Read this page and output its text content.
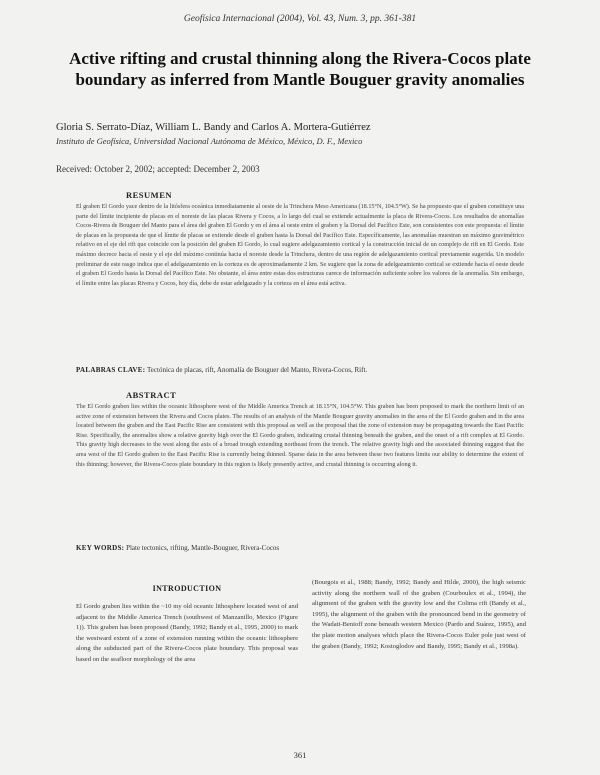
Geofísica Internacional (2004), Vol. 43, Num. 3, pp. 361-381
Active rifting and crustal thinning along the Rivera-Cocos plate
boundary as inferred from Mantle Bouguer gravity anomalies
Gloria S. Serrato-Díaz, William L. Bandy and Carlos A. Mortera-Gutiérrez
Instituto de Geofísica, Universidad Nacional Autónoma de México, México, D. F., Mexico
Received: October 2, 2002; accepted: December 2, 2003
RESUMEN
El graben El Gordo yace dentro de la litósfera oceánica inmediatamente al oeste de la Trinchera Meso Americana (18.15°N, 104.5°W). Se ha propuesto que el graben constituye una parte del límite incipiente de placas en el noreste de las placas Rivera y Cocos, a lo largo del cual se extiende actualmente la placa de Rivera-Cocos. Los resultados de anomalías Cocos-Rivera de Bouguer del Manto para el área del graben El Gordo y en el área al oeste entre el graben y la Dorsal del Pacífico Este, son consistentes con este propuesta: el límite de placas en la propuesta de que el límite de placas se extiende desde el graben hasta la Dorsal del Pacífico Este. Específicamente, las anomalías muestran un máximo gravimétrico relativo en el eje del rift que coincide con la posición del graben El Gordo, lo cual sugiere adelgazamiento cortical y la construcción inicial de un complejo de rift en El Gordo. Este máximo decrece hacia el oeste y el eje del máximo continúa hacia el noreste desde la Trinchera, dentro de una región de adelgazamiento cortical previamente sugerida. Un modelo preliminar de este rasgo indica que el adelgazamiento en la corteza es de aproximadamente 2 km. Se sugiere que la zona de adelgazamiento cortical se extiende hacia el oeste desde el graben El Gordo hasta la Dorsal del Pacífico Este. No obstante, el área entre estas dos estructuras carece de información suficiente sobre los valores de la anomalía. Sin embargo, el límite entre las placas Rivera y Cocos, hoy día, debe de estar adelgazado y la corteza en el área está activa.
PALABRAS CLAVE: Tectónica de placas, rift, Anomalía de Bouguer del Manto, Rivera-Cocos, Rift.
ABSTRACT
The El Gordo graben lies within the oceanic lithosphere west of the Middle America Trench at 18.15°N, 104.5°W. This graben has been proposed to mark the northern limit of an active zone of extension between the Rivera and Cocos plates. The results of an analysis of the Mantle Bouguer gravity anomalies in the area of the El Gordo graben and in the area located between the graben and the East Pacific Rise are consistent with this proposal as well as the proposal that the zone of extension may be propagating towards the East Pacific Rise. Specifically, the anomalies show a relative gravity high over the El Gordo graben, indicating crustal thinning beneath the graben, and the onset of a rift complex at El Gordo. This gravity high decreases to the west along the axis of a broad trough extending northeast from the trench. The relative gravity high and the associated thinning suggest that the area west of the El Gordo graben to the East Pacific Rise is currently being thinned. Sparse data in the area between these two features limits our ability to determine the extent of this thinning; however, the Rivera-Cocos plate boundary in this region is likely presently active, and crustal thinning is occurring along it.
KEY WORDS: Plate tectonics, rifting, Mantle-Bouguer, Rivera-Cocos
INTRODUCTION
El Gordo graben lies within the ~10 my old oceanic lithosphere located west of and adjacent to the Middle America Trench (southwest of Manzanillo, Mexico (Figure 1)). This graben has been proposed (Bandy, 1992; Bandy et al., 1995, 2000) to mark the westward extent of a zone of extension running within the oceanic lithosphere along the subducted part of the Rivera-Cocos plate boundary. This proposal was based on the seafloor morphology of the area
(Bourgois et al., 1988; Bandy, 1992; Bandy and Hilde, 2000), the high seismic activity along the northern wall of the graben (Courboulex et al., 1994), the alignment of the graben with the gravity low and the Colima rift (Bandy et al., 1995), the alignment of the graben with the pronounced bend in the geometry of the Wadati-Benioff zone beneath western Mexico (Pardo and Suárez, 1995), and the plate motion analyses which place the Rivera-Cocos Euler pole just west of the graben (Bandy, 1992; Kostoglodov and Bandy, 1995; Bandy et al., 1998a).
361
